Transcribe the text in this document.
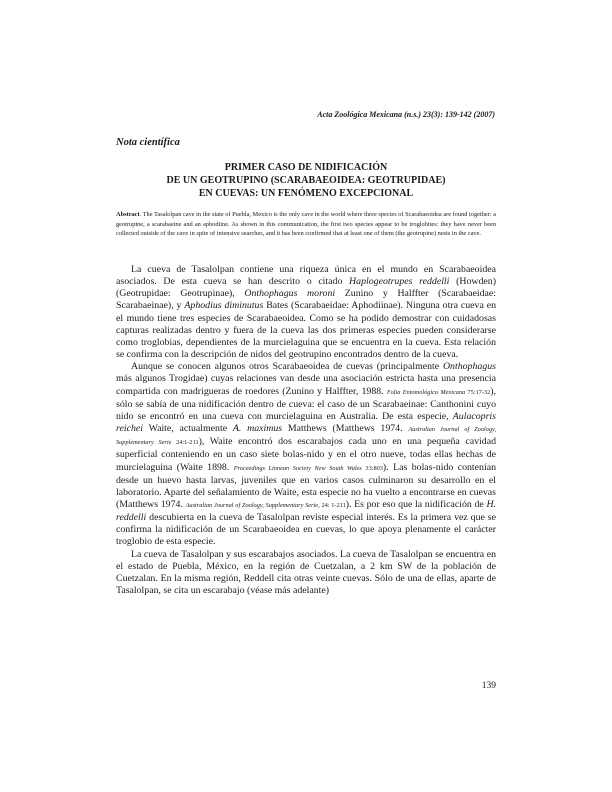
Acta Zoológica Mexicana (n.s.) 23(3): 139-142 (2007)
Nota científica
PRIMER CASO DE NIDIFICACIÓN
DE UN GEOTRUPINO (SCARABAEOIDEA: GEOTRUPIDAE)
EN CUEVAS: UN FENÓMENO EXCEPCIONAL
Abstract. The Tasalolpan cave in the state of Puebla, Mexico is the only cave in the world where three species of Scarabaeoidea are found together: a geotrupine, a scarabaeine and an aphodiine. As shown in this communication, the first two species appear to be troglobites: they have never been collected outside of the cave in spite of intensive searches, and it has been confirmed that at least one of them (the geotrupine) nests in the cave.

La cueva de Tasalolpan contiene una riqueza única en el mundo en Scarabaeoidea asociados. De esta cueva se han descrito o citado Haplogeotrupes reddelli (Howden) (Geotrupidae: Geotrupinae), Onthophagus moroni Zunino y Halffter (Scarabaeidae: Scarabaeinae), y Aphodius diminutus Bates (Scarabaeidae: Aphodiinae). Ninguna otra cueva en el mundo tiene tres especies de Scarabaeoidea. Como se ha podido demostrar con cuidadosas capturas realizadas dentro y fuera de la cueva las dos primeras especies pueden considerarse como troglobias, dependientes de la murcielaguina que se encuentra en la cueva. Esta relación se confirma con la descripción de nidos del geotrupino encontrados dentro de la cueva.

Aunque se conocen algunos otros Scarabaeoidea de cuevas (principalmente Onthophagus más algunos Trogidae) cuyas relaciones van desde una asociación estricta hasta una presencia compartida con madrigueras de roedores (Zunino y Halffter, 1988. Folia Entomológica Mexicana 75:17-32), sólo se sabía de una nidificación dentro de cueva: el caso de un Scarabaeinae: Canthonini cuyo nido se encontró en una cueva con murcielaguina en Australia. De esta especie, Aulacopris reichei Waite, actualmente A. maximus Matthews (Matthews 1974. Australian Journal of Zoology, Supplementary Serie 24:1-211), Waite encontró dos escarabajos cada uno en una pequeña cavidad superficial conteniendo en un caso siete bolas-nido y en el otro nueve, todas ellas hechas de murcielaguina (Waite 1898. Proceedings Linnean Society New South Wales 33:803). Las bolas-nido contenían desde un huevo hasta larvas, juveniles que en varios casos culminaron su desarrollo en el laboratorio. Aparte del señalamiento de Waite, esta especie no ha vuelto a encontrarse en cuevas (Matthews 1974. Australian Journal of Zoology, Supplementary Serie, 24: 1-211). Es por eso que la nidificación de H. reddelli descubierta en la cueva de Tasalolpan reviste especial interés. Es la primera vez que se confirma la nidificación de un Scarabaeoidea en cuevas, lo que apoya plenamente el carácter troglobio de esta especie.

La cueva de Tasalolpan y sus escarabajos asociados. La cueva de Tasalolpan se encuentra en el estado de Puebla, México, en la región de Cuetzalan, a 2 km SW de la población de Cuetzalan. En la misma región, Reddell cita otras veinte cuevas. Sólo de una de ellas, aparte de Tasalolpan, se cita un escarabajo (véase más adelante)

139
